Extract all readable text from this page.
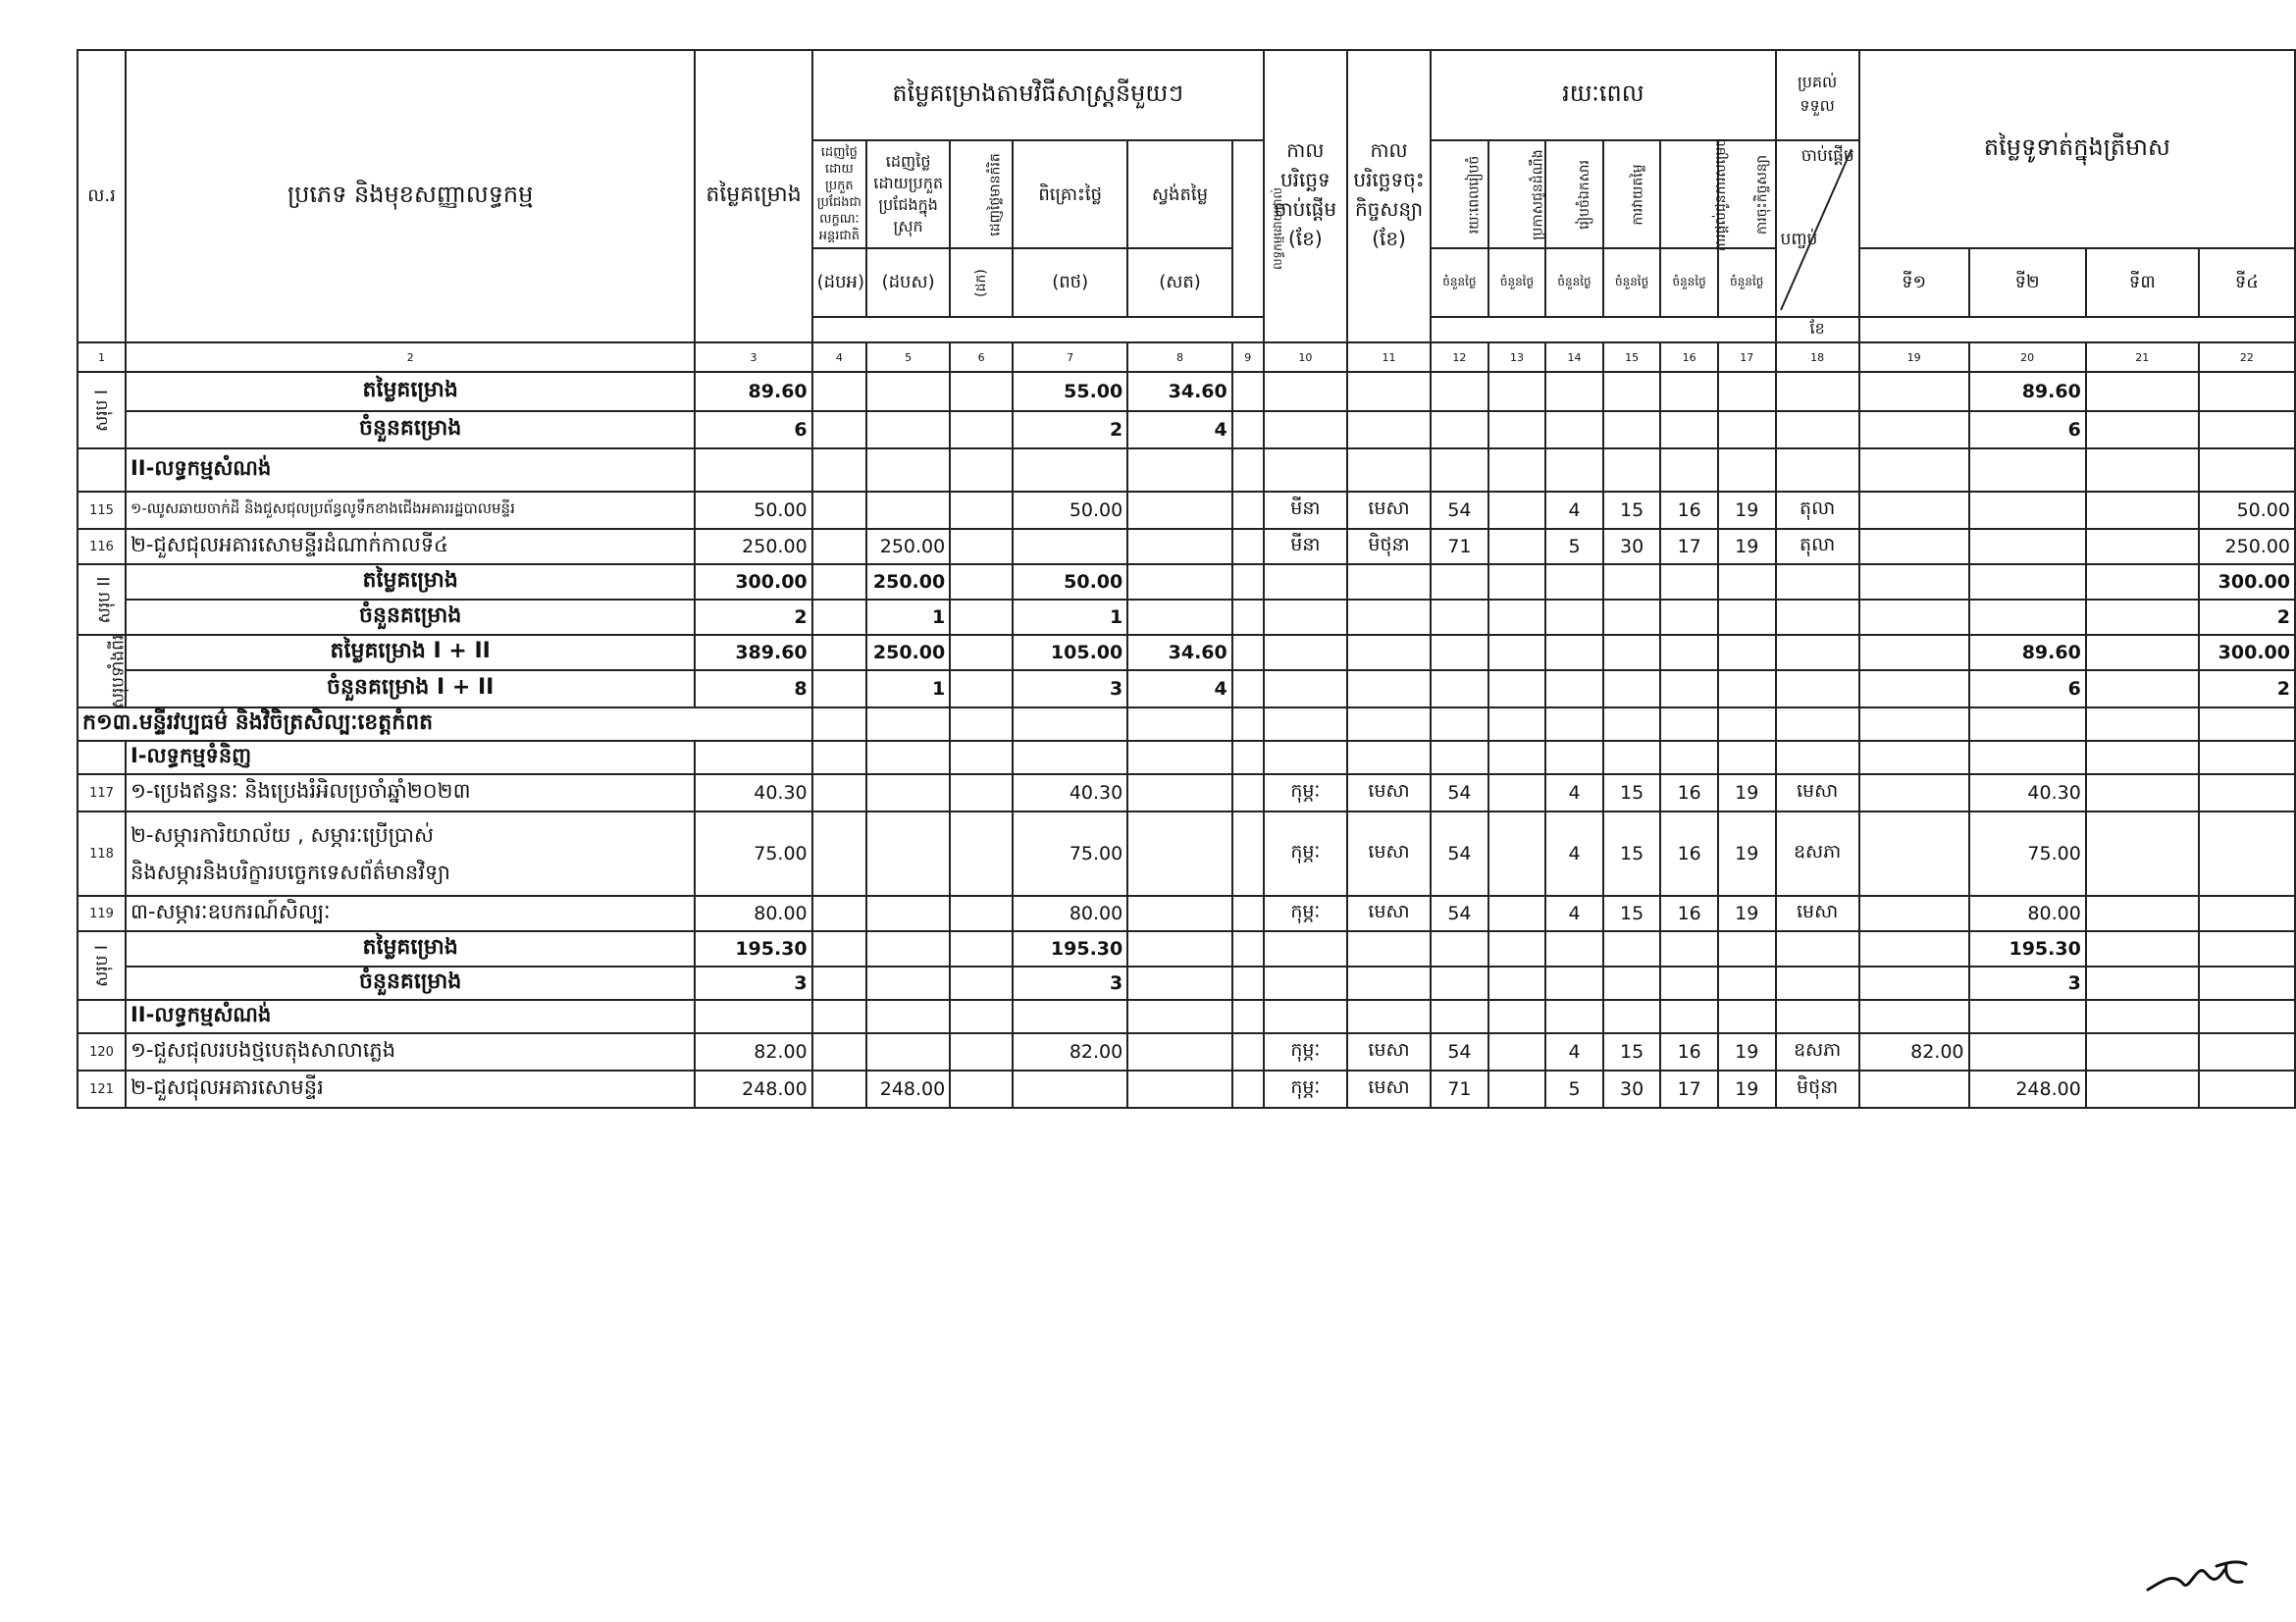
ល.រ	ប្រភេទ និងមុខសញ្ញាលទ្ធកម្ម	តម្លៃគម្រោង	តម្លៃគម្រោងតាមវិធីសាស្ត្រនីមួយៗ						កាលបរិច្ឆេទចាប់ផ្តើម (ខែ)	កាលបរិច្ឆេទចុះកិច្ចសន្យា (ខែ)	រយៈពេល						ប្រគល់ទទួល	តម្លៃទូទាត់ក្នុងត្រីមាស			
			ដេញថ្លៃដោយប្រកួតប្រជែងជាលក្ខណៈអន្តរជាតិ	ដេញថ្លៃដោយប្រកួតប្រជែងក្នុងស្រុក	ដេញថ្លៃមានកំរិត	ពិគ្រោះថ្លៃ	ស្វង់តម្លៃ	លទ្ធកម្មដោយផ្ទាល់			រយៈពេលរៀបចំ	ប្រកាសជូនដំណឹង	រៀបចំឯកសារ	ការវាយតម្លៃ	ការផ្តល់ជូនការសម្រេច	ការចុះកិច្ចសន្យា	ចាប់ផ្តើម
បញ្ចប់				

			(ដបអ)	(ដបស)	(ដក)	(ពថ)	(សត)				ចំនួនថ្ងៃ	ចំនួនថ្ងៃ	ចំនួនថ្ងៃ	ចំនួនថ្ងៃ	ចំនួនថ្ងៃ	ចំនួនថ្ងៃ		ទី១	ទី២	ទី៣	ទី៤
																	ខែ				
1	2	3	4	5	6	7	8	9	10	11	12	13	14	15	16	17	18	19	20	21	22
សរុប I	តម្លៃគម្រោង	89.60				55.00	34.60												89.60		
	ចំនួនគម្រោង	6				2	4												6		
	II-លទ្ធកម្មសំណង់																				
115	១-ឈូសឆាយចាក់ដី និងជួសជុលប្រព័ន្ធលូទឹកខាងជើងអគាររដ្ឋបាលមន្ទីរ	50.00				50.00			មីនា	មេសា	54		4	15	16	19	តុលា				50.00
116	២-ជួសជុលអគារសោមន្ទីរដំណាក់កាលទី៤	250.00		250.00					មីនា	មិថុនា	71		5	30	17	19	តុលា				250.00
សរុប II	តម្លៃគម្រោង	300.00		250.00		50.00															300.00
	ចំនួនគម្រោង	2		1		1															2
សរុបទាំងពីរ	តម្លៃគម្រោង I + II	389.60		250.00		105.00	34.60												89.60		300.00
	ចំនួនគម្រោង I + II	8		1		3	4												6		2
ក១៣.មន្ទីរវប្បធម៌ និងវិចិត្រសិល្បៈខេត្តកំពត																					
	I-លទ្ធកម្មទំនិញ																				
117	១-ប្រេងឥន្ធនៈ និងប្រេងរំអិលប្រចាំឆ្នាំ២០២៣	40.30				40.30			កុម្ភៈ	មេសា	54		4	15	16	19	មេសា		40.30		
118	២-សម្ភារការិយាល័យ , សម្ភារៈប្រើប្រាស់
និងសម្ភារនិងបរិក្ខារបច្ចេកទេសព័ត៌មានវិទ្យា	75.00				75.00			កុម្ភៈ	មេសា	54		4	15	16	19	ឧសភា		75.00		
119	៣-សម្ភារៈឧបករណ៍សិល្បៈ	80.00				80.00			កុម្ភៈ	មេសា	54		4	15	16	19	មេសា		80.00		
សរុប I	តម្លៃគម្រោង	195.30				195.30													195.30		
	ចំនួនគម្រោង	3				3													3		
	II-លទ្ធកម្មសំណង់																				
120	១-ជួសជុលរបងថ្មបេតុងសាលាភ្លេង	82.00				82.00			កុម្ភៈ	មេសា	54		4	15	16	19	ឧសភា	82.00			
121	២-ជួសជុលអគារសោមន្ទីរ	248.00		248.00					កុម្ភៈ	មេសា	71		5	30	17	19	មិថុនា		248.00		
